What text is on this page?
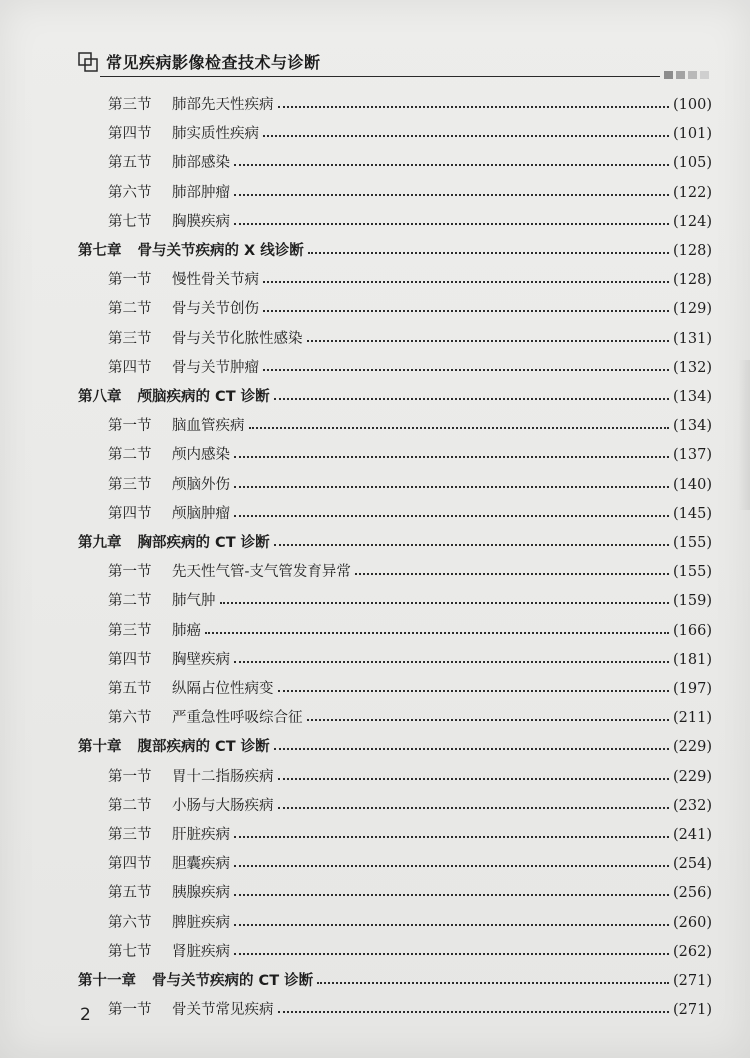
常见疾病影像检查技术与诊断
第三节	肺部先天性疾病	(100)
第四节	肺实质性疾病	(101)
第五节	肺部感染	(105)
第六节	肺部肿瘤	(122)
第七节	胸膜疾病	(124)
第七章 骨与关节疾病的 X 线诊断	(128)
第一节	慢性骨关节病	(128)
第二节	骨与关节创伤	(129)
第三节	骨与关节化脓性感染	(131)
第四节	骨与关节肿瘤	(132)
第八章 颅脑疾病的 CT 诊断	(134)
第一节	脑血管疾病	(134)
第二节	颅内感染	(137)
第三节	颅脑外伤	(140)
第四节	颅脑肿瘤	(145)
第九章 胸部疾病的 CT 诊断	(155)
第一节	先天性气管-支气管发育异常	(155)
第二节	肺气肿	(159)
第三节	肺癌	(166)
第四节	胸壁疾病	(181)
第五节	纵隔占位性病变	(197)
第六节	严重急性呼吸综合征	(211)
第十章 腹部疾病的 CT 诊断	(229)
第一节	胃十二指肠疾病	(229)
第二节	小肠与大肠疾病	(232)
第三节	肝脏疾病	(241)
第四节	胆囊疾病	(254)
第五节	胰腺疾病	(256)
第六节	脾脏疾病	(260)
第七节	肾脏疾病	(262)
第十一章 骨与关节疾病的 CT 诊断	(271)
第一节	骨关节常见疾病	(271)
2
